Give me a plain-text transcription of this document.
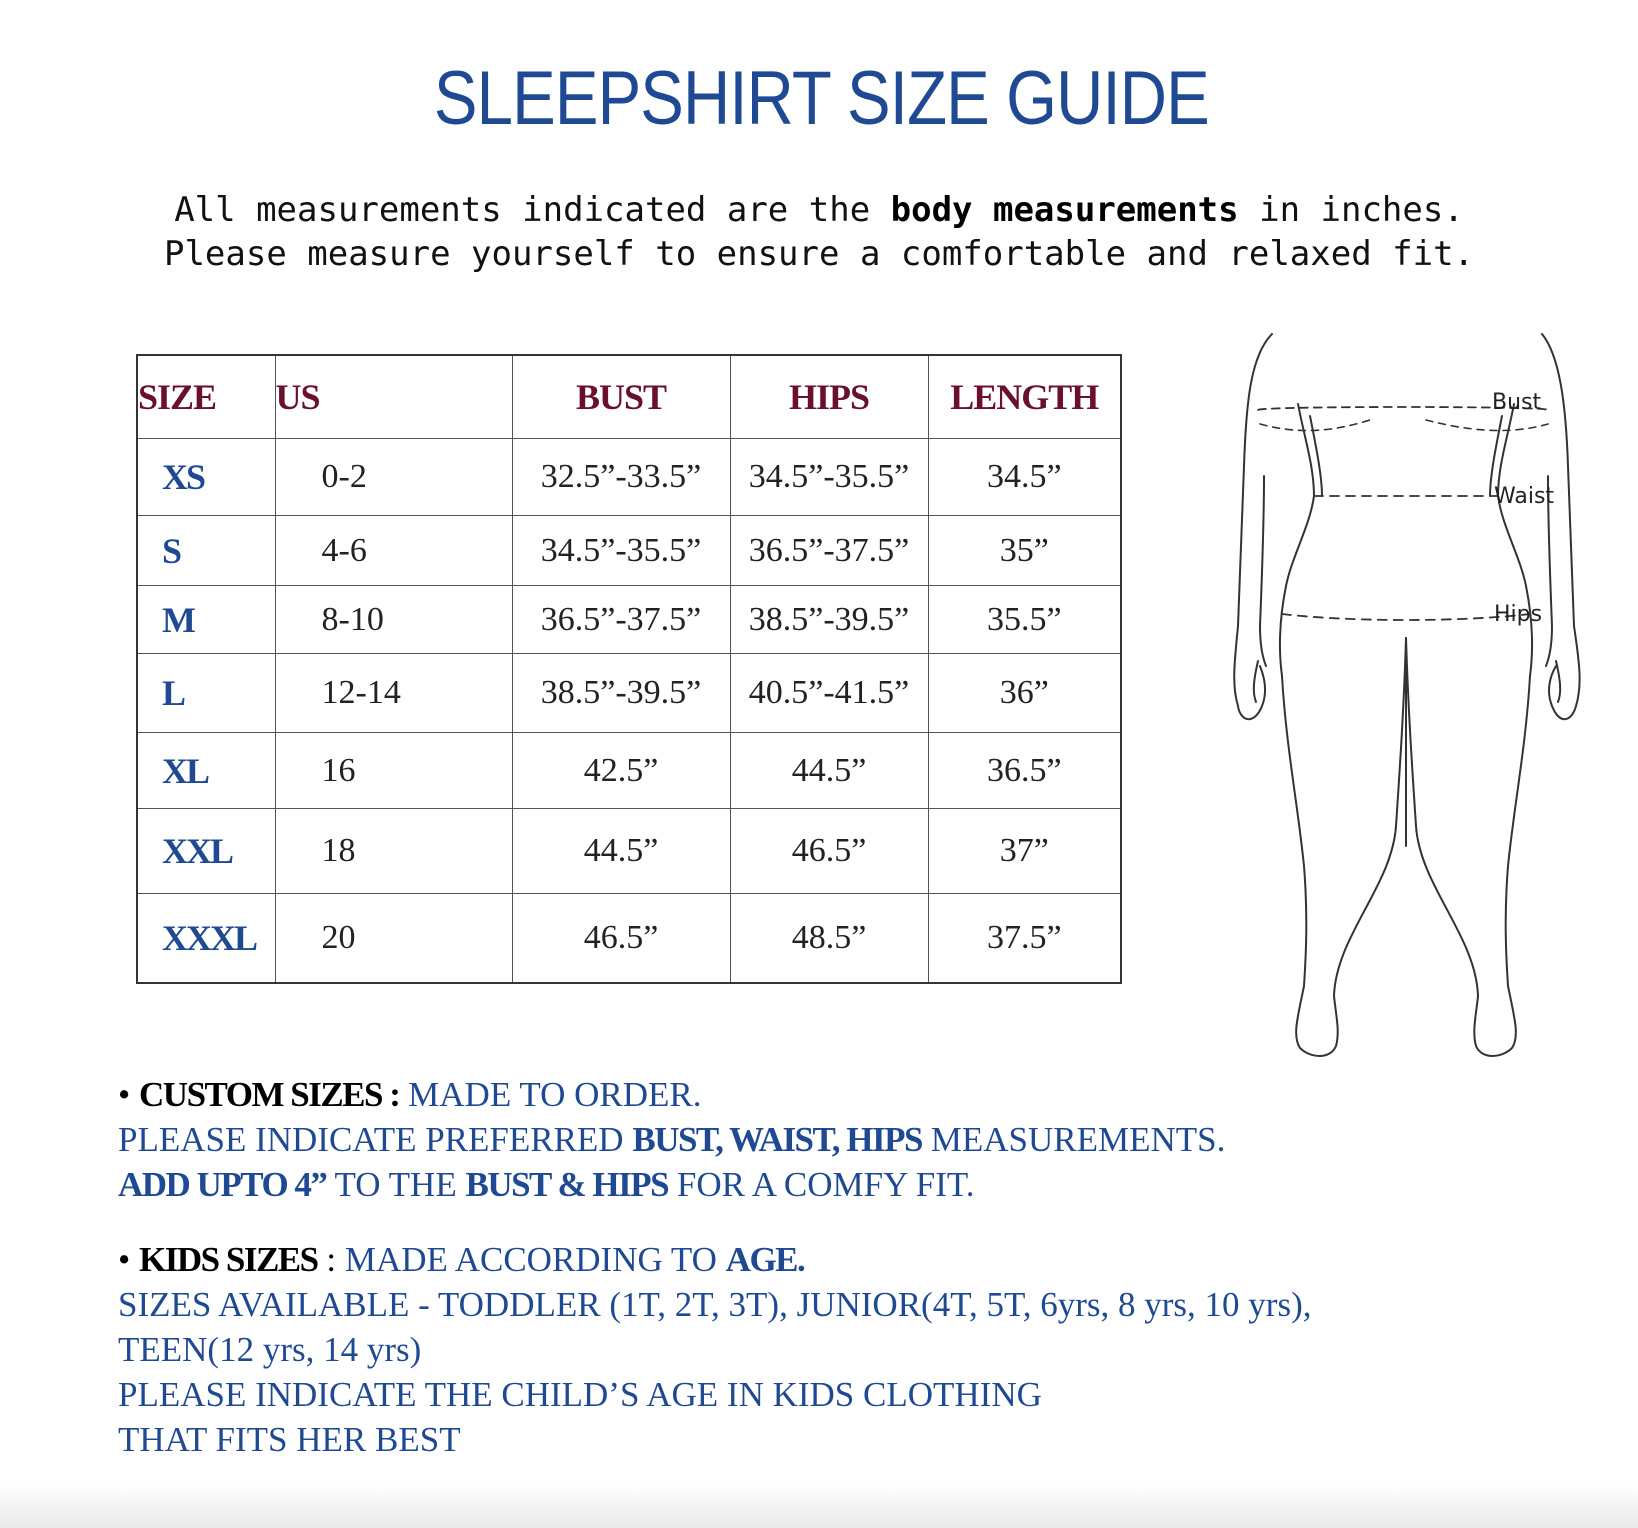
SLEEPSHIRT SIZE GUIDE
All measurements indicated are the body measurements in inches.
Please measure yourself to ensure a comfortable and relaxed fit.
SIZE	US	BUST	HIPS	LENGTH
XS	0-2	32.5”-33.5”	34.5”-35.5”	34.5”
S	4-6	34.5”-35.5”	36.5”-37.5”	35”
M	8-10	36.5”-37.5”	38.5”-39.5”	35.5”
L	12-14	38.5”-39.5”	40.5”-41.5”	36”
XL	16	42.5”	44.5”	36.5”
XXL	18	44.5”	46.5”	37”
XXXL	20	46.5”	48.5”	37.5”
Bust
Waist
Hips
• CUSTOM SIZES : MADE TO ORDER.
PLEASE INDICATE PREFERRED BUST, WAIST, HIPS MEASUREMENTS.
ADD UPTO 4” TO THE BUST & HIPS FOR A COMFY FIT.
• KIDS SIZES : MADE ACCORDING TO AGE.
SIZES AVAILABLE - TODDLER (1T, 2T, 3T), JUNIOR(4T, 5T, 6yrs, 8 yrs, 10 yrs),
TEEN(12 yrs, 14 yrs)
PLEASE INDICATE THE CHILD’S AGE IN KIDS CLOTHING
THAT FITS HER BEST
